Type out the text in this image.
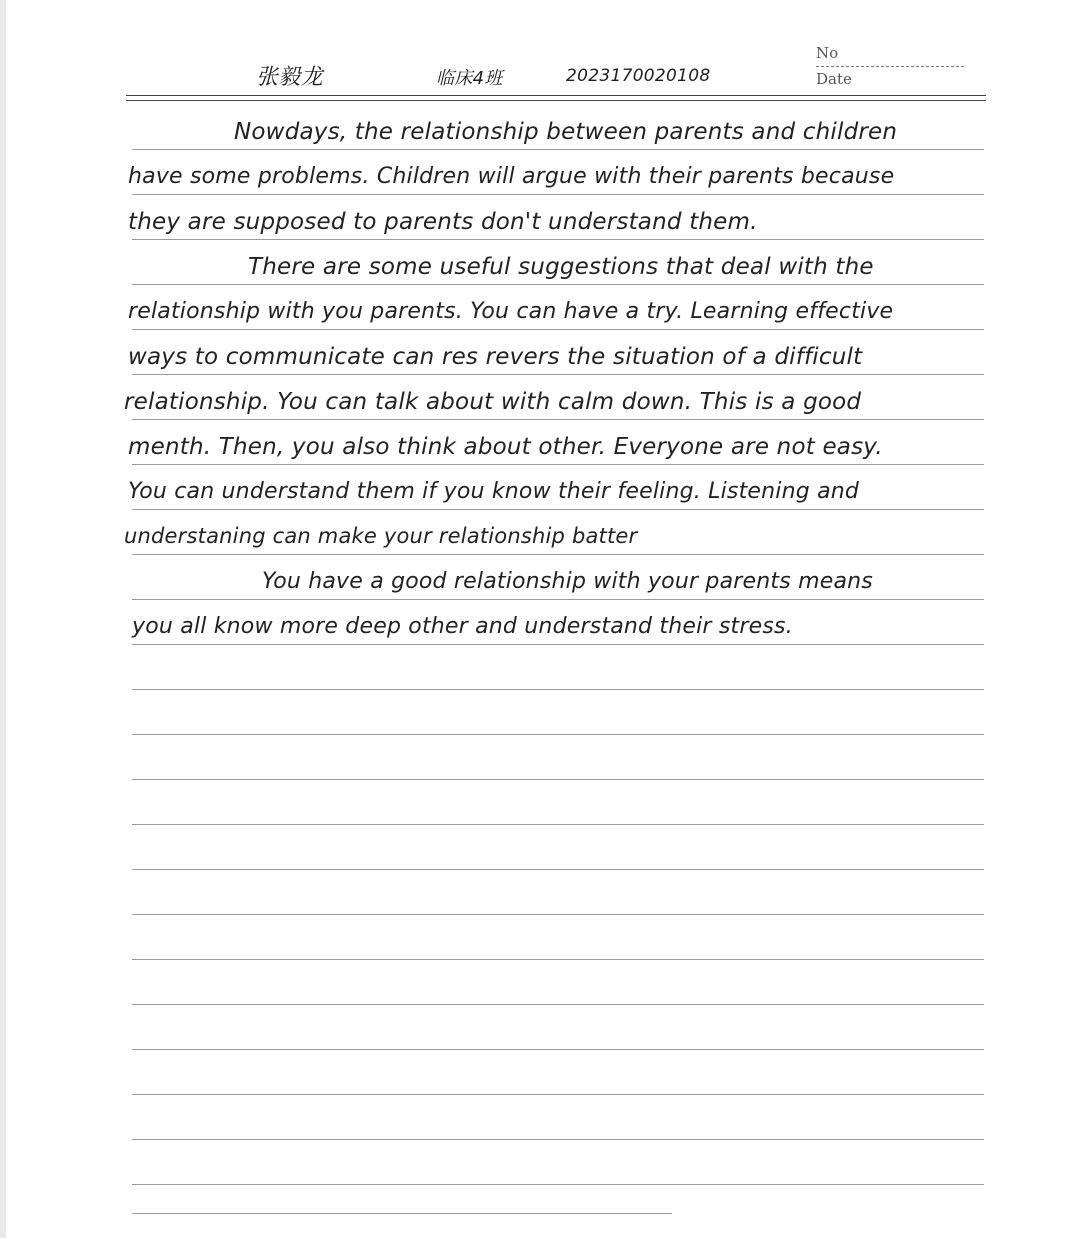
张毅龙	临床4班	2023170020108
No
Date
Nowdays, the relationship between parents and children
have some problems. Children will argue with their parents because
they are supposed to parents don't understand them.
There are some useful suggestions that deal with the
relationship with you parents. You can have a try. Learning effective
ways to communicate can res revers the situation of a difficult
relationship. You can talk about with calm down. This is a good
menth. Then, you also think about other. Everyone are not easy.
You can understand them if you know their feeling. Listening and
understaning can make your relationship batter
You have a good relationship with your parents means
you all know more deep other and understand their stress.
